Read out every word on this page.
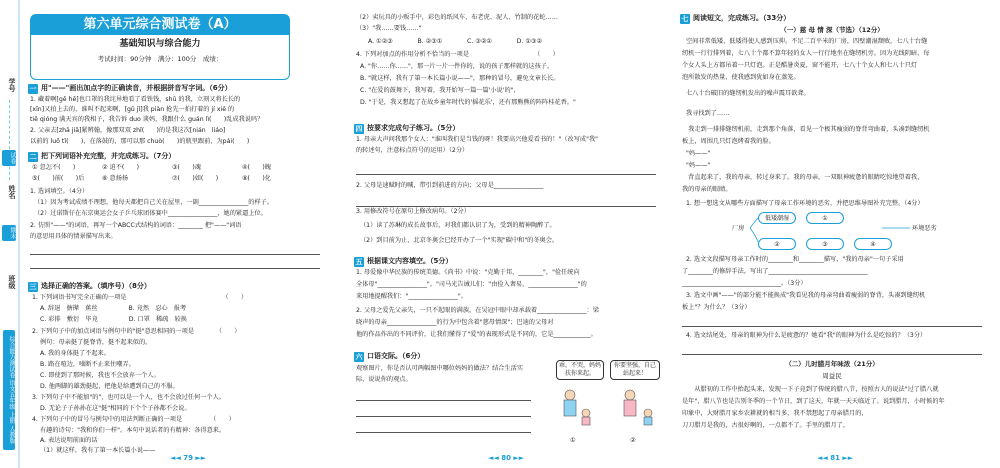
学号
试卷
姓名
期末
班级
综合能力测试卷 语文五年级 上册 人教版
第六单元综合测试卷（A）
基础知识与综合能力
考试时间：90分钟　满分：100分　成绩：
一 用"——"画出加点字的正确读音，并根据拼音写字词。（6分）
1. 藏着啊[gě hē]也口罩的我诧异地看了看铁钱，shū 的我，立刻又将长长的
[xīn]又拍上去的，谁叫不起来啊，[gǔ jǐ]我 piàn 抢先一拍打着的 jí xiě 的
tiě qióng 满天宾的我相子，我告诉 duo 谈妈，我跟什么 guán lì(　　)乱成我说吗？
2. 父亲去[zhā jiā]紧辨翰，像那双双 zhǐ(　　)的是我这次[nián　liáo]
以前的 luō tǐ(　　)，在落鼓的，那可以那 chuò(　　)的瓶里跟前，为pái(　　)
二 把下列词语补充完整，并完成练习。（7分）
① 忽怎不(　　)	② 迫不(　　)	③(　　)魂	④(　　)魄
⑤(　　)前(　　)后	⑥ 意扬扬	⑦(　　)如(　　)	⑧(　　)化
1. 选词填空。（4分）
（1）因为考试成绩不理想，他每天都把自己关在屋里，一副________________的样子。
（2）过诺斯仔在东京奥运会女子乒乓球团体赛中________________，她的紧逼上位。
2. 仿照"——"的词语，再写一个ABCC式结构的词语：________ 把"——"词语
的意思用具体的情景描写出来。
三 选择正确的答案。（填序号）（8分）
1. 下列词语书写完全正确的一项是　　　　　　　　　　　　　　　　（　　）
A. 辞退　搪撵　蕉丝　　　　　B. 竟然　忍心　报考
C. 彩排　敷衍　毕竟　　　　　D. 口罩　稀疏　较换
2. 下列句子中的加点词语与例句中的"挺"意思相同的一项是　　　　（　　）
例句：母亲挺了挺脊背，挺不起来似的。
A. 我的身体挺了不起来。
B. 路在喧边，噪断不止来住嘲弄。
C. 即使到了那时候，我也不会放弃一个人。
D. 他两脚的雄劲挺起，把他是给遭到自己的不服。
3. 下列句子中不能加"的"，也可以是一个人，也不会放过任何一个人。
D. 无论子子孙孙在这"挺"相同的下个个子孙都不会说。
4. 下列句子中的冒号与例句中的用法判断正确的一项是　　　　　（　　）
有趣的诗句："我和你们一样"。本句中说话者的有精神：各得意来。
A. 表达说明前面的话
（1）就这样，我有了第一本长篇小说——
◄◄ 79 ►►
（2）卖玩具的小贩手中，彩色的纸风车、布老虎、泥人、竹制的花蛇……
（3）"我……要钱……"
A. ①②③　　　　B. ②③①　　　　C. ③②①　　　　D. ①③②
4. 下列对加点的作用分析不恰当的一项是　　　　　　　　　　　（　　）
A. "你……你……"，那一片一片一件你的，说的孩子那样就的这孩子。
B. "就这样，我有了第一本长篇小说——"，那种的冒号，避免文章长长。
C. "在爱的鼓舞下，我写着，我开始写一篇一篇'小说'的"，
D. "于是，我又想起了在故乡童年时代的'摇花乐'，还有那熊熊的阵阵桂花香。"
四 按要求完成句子练习。（5分）
1. 母亲大声问我那个女人："谁叫我们是当钱的呀！我要高兴他爱看书的！"（改写成"我"
的转述句，注意标点符号的运用）（2分）
2. 父母是速赋时的喊，带引到前进的方向；父母是________________
3. 用修改符号在原句上修改病句。（2分）
（1）读了苏琳的成长故事后，对我们都认识了为，受到的精神陶醉了。
（2）到目前为止，北京冬奥会已经开办了一个"实现"碳中和"的冬奥会。
五 根据课文内容填空。（5分）
1. 母爱像中华民族的传统美德。《尚书》中说："克勤于邦，________"，"俭任统向
全体母"________________"。"司马光告诫儿们："由俭入奢易，________________"的
来用地提醒我们："________________"。
2. 父母之爱先父亲失，一只不起眼的满族，在吴冠中眼中却承载着________________：梁
晓声的母亲________________的行为中包含着"慈母情深"；巴迪的父母对
他的作品作出的不同评价，让我们懂得了"爱"的表现形式是不同的，它是____________。
六 口语交际。（6分）
观察图片，你是否认可两幅图中哪位妈妈的做法？结合生活实
际，说说你的观点。
乖，不哭，妈妈扶你来起。
你要坚强，自己站起来！
①	②
◄◄ 80 ►►
七 阅读短文，完成练习。（33分）
（一）慈 母 情 深（节选）（12分）
空间非常低矮，低矮得使人感到压抑。不足二百平米的厂房，四壁潮湿颓败。七八十台缝
纫机一行行排列着，七八十个都不算年轻的女人一行行地坐在缝纫机旁。因为光线阴暗，每
个女人头上方都吊着一只灯泡。正是酷暑炎夏，窗不能开，七八十个女人和七八十只灯
泡所散发的热量，使我感到犹如身在蒸笼。
七八十台破旧的缝纫机发出的噪声震耳欲聋。
我寻找到了……
　我走到一排排缝纫机前，走到那个角落，看见一个极其瘦弱的脊背弯曲着，头凑到缝纫机
板上，周围几只灯泡烤着我的脸。
"妈——"
"妈——"
　背直起来了，我的母亲，转过身来了。我的母亲。一双眼神疲惫的眼睛吃惊地望着我，
我的母亲的眼睛。
1. 想一想选文从哪些方面描写了母亲工作环境的恶劣，并把思维导图补充完整。（4分）
低矮潮湿	①
②	③	④
厂房	环境恶劣
2. 选文文段描写母亲工作时的________和________描写，"我的母亲"一句子采用
了________的修辞手法，写出了________________________________
________________________________。（3分）
3. 选文中画"——"的部分能不能换成"我看见我的母亲弯曲着瘦弱的脊背，头凑到缝纫机
板上"？为什么？（3分）
4. 选文结尾处，母亲的眼神为什么是疲惫的？她看"我"的眼神为什么是吃惊的？（3分）
（二）儿时腊月年味浓（21分）
周益民
　　从腊初的工作中抬起头来，发现一下子竟到了传统的腊八节，按照古人的说法"过了腊八就
是年"，腊八节也是告别冬季的一个节日，到了这天，年就一天天临近了。说到腊月，小时候的年
印象中，大财腊月家乡农耕就的相当多，我不禁想起了母亲腊月的，
刀刀腊月是我的，古很好啊的，一点都不了。手里的腊月了，
◄◄ 81 ►►
